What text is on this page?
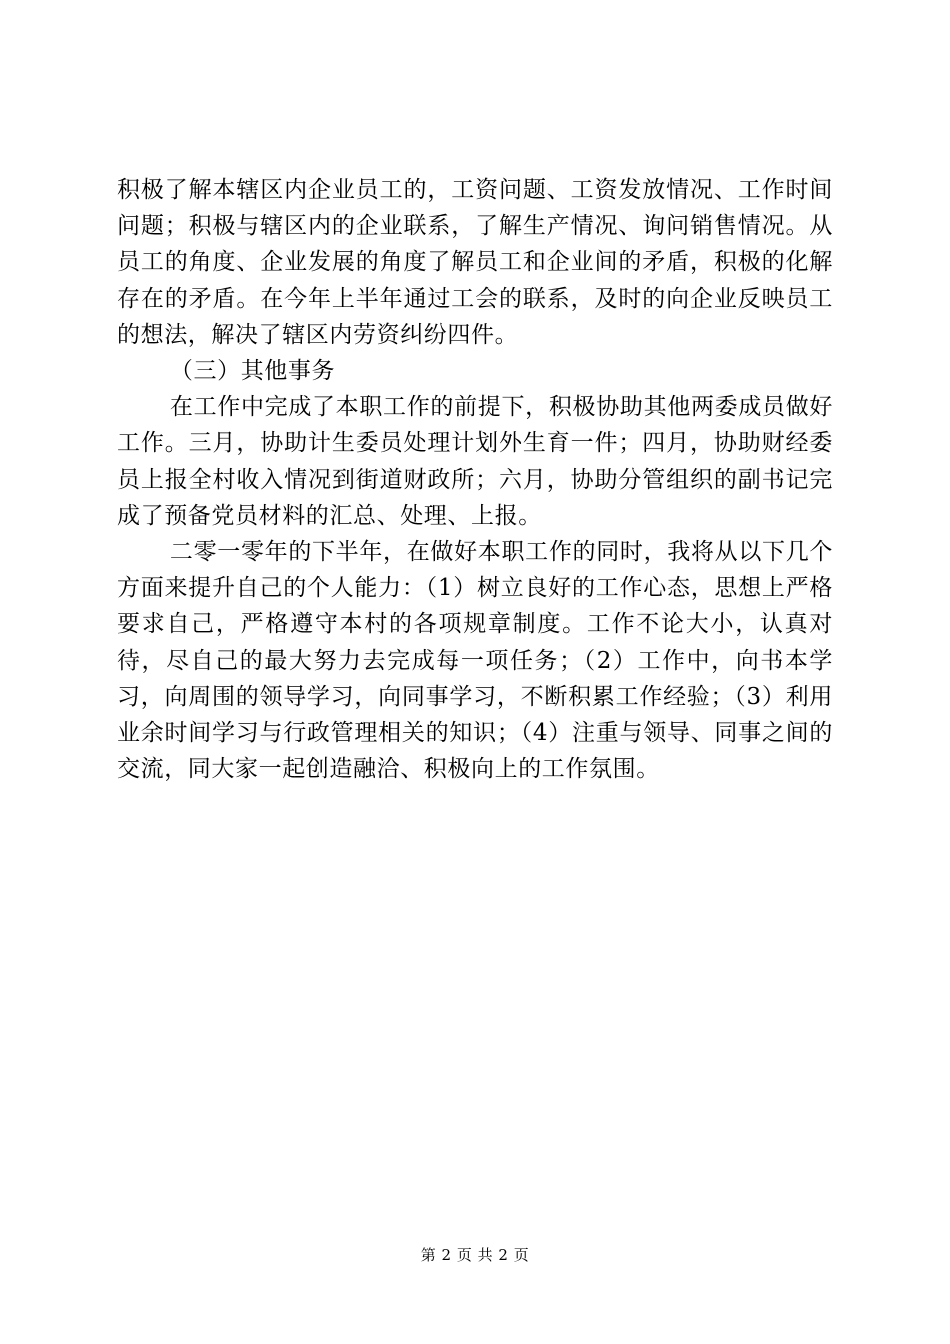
积极了解本辖区内企业员工的，工资问题、工资发放情况、工作时间问题；积极与辖区内的企业联系，了解生产情况、询问销售情况。从员工的角度、企业发展的角度了解员工和企业间的矛盾，积极的化解存在的矛盾。在今年上半年通过工会的联系，及时的向企业反映员工的想法，解决了辖区内劳资纠纷四件。

（三）其他事务

在工作中完成了本职工作的前提下，积极协助其他两委成员做好工作。三月，协助计生委员处理计划外生育一件；四月，协助财经委员上报全村收入情况到街道财政所；六月，协助分管组织的副书记完成了预备党员材料的汇总、处理、上报。

二零一零年的下半年，在做好本职工作的同时，我将从以下几个方面来提升自己的个人能力：（1）树立良好的工作心态，思想上严格要求自己，严格遵守本村的各项规章制度。工作不论大小，认真对待，尽自己的最大努力去完成每一项任务；（2）工作中，向书本学习，向周围的领导学习，向同事学习，不断积累工作经验；（3）利用业余时间学习与行政管理相关的知识；（4）注重与领导、同事之间的交流，同大家一起创造融洽、积极向上的工作氛围。

第 2 页 共 2 页
